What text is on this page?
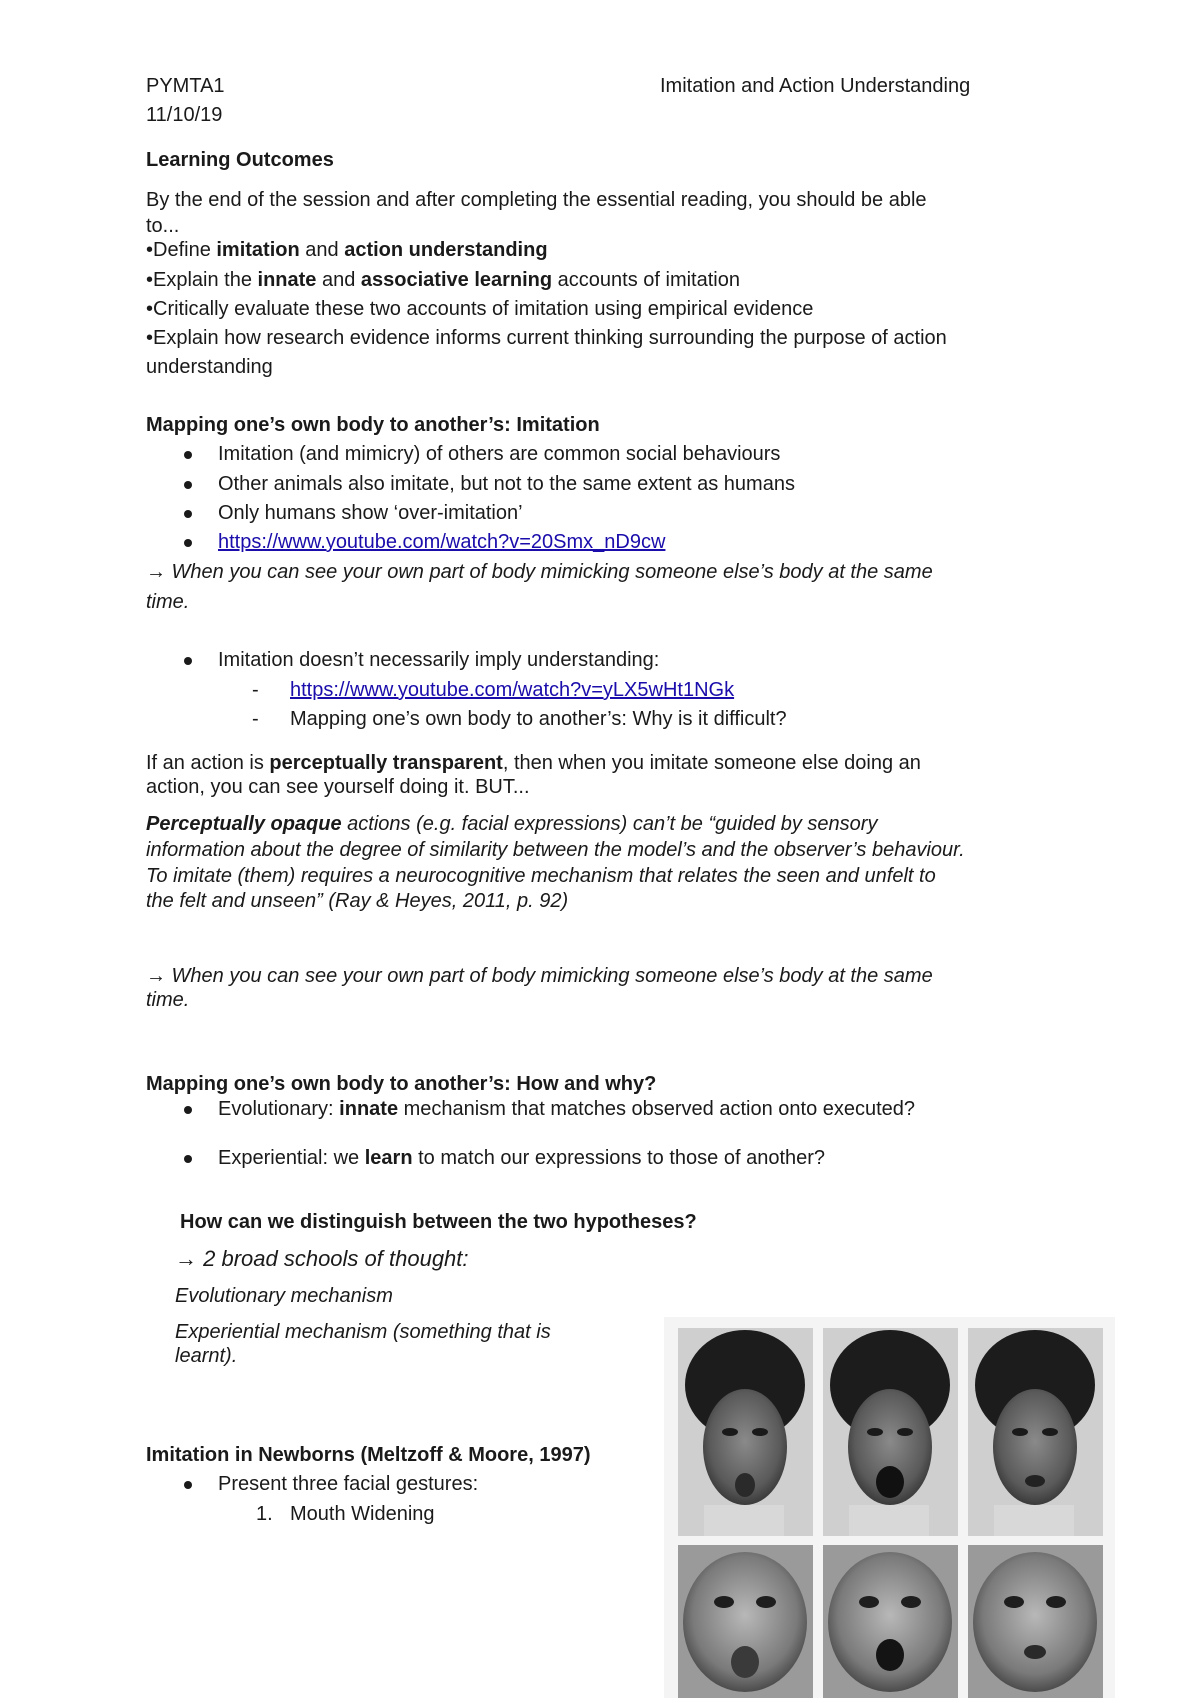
PYMTA1	Imitation and Action Understanding
11/10/19
Learning Outcomes
By the end of the session and after completing the essential reading, you should be able
to...
•Define imitation and action understanding
•Explain the innate and associative learning accounts of imitation
•Critically evaluate these two accounts of imitation using empirical evidence
•Explain how research evidence informs current thinking surrounding the purpose of action
understanding
Mapping one’s own body to another’s: Imitation
Imitation (and mimicry) of others are common social behaviours
Other animals also imitate, but not to the same extent as humans
Only humans show ‘over-imitation’
https://www.youtube.com/watch?v=20Smx_nD9cw
→ When you can see your own part of body mimicking someone else’s body at the same
time.
Imitation doesn’t necessarily imply understanding:
- https://www.youtube.com/watch?v=yLX5wHt1NGk
- Mapping one’s own body to another’s: Why is it difficult?
If an action is perceptually transparent , then when you imitate someone else doing an
action, you can see yourself doing it. BUT...
Perceptually opaque actions (e.g. facial expressions) can’t be “guided by sensory
information about the degree of similarity between the model’s and the observer’s behaviour.
To imitate (them) requires a neurocognitive mechanism that relates the seen and unfelt to
the felt and unseen” (Ray & Heyes, 2011, p. 92)
→ When you can see your own part of body mimicking someone else’s body at the same
time.
Mapping one’s own body to another’s: How and why?
Evolutionary: innate mechanism that matches observed action onto executed?
Experiential: we learn to match our expressions to those of another?
How can we distinguish between the two hypotheses?
→ 2 broad schools of thought:
Evolutionary mechanism
Experiential mechanism (something that is
learnt).
Imitation in Newborns (Meltzoff & Moore, 1997)
Present three facial gestures:
1. Mouth Widening
